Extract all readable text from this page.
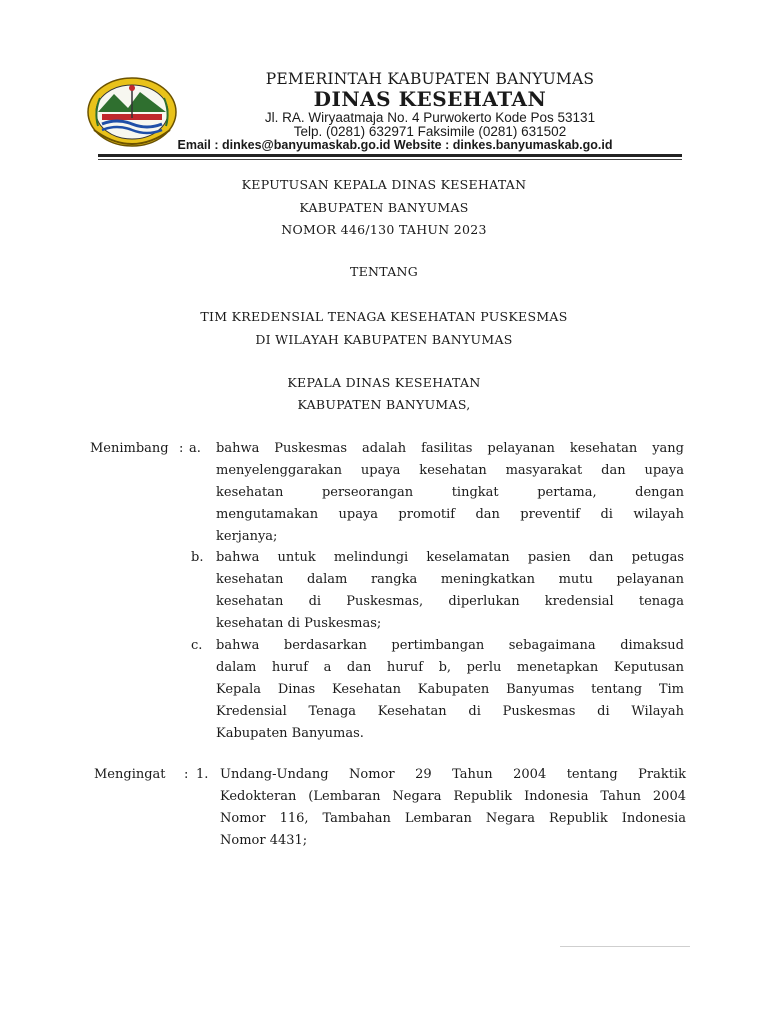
PEMERINTAH KABUPATEN BANYUMAS
DINAS KESEHATAN
Jl. RA. Wiryaatmaja No. 4 Purwokerto Kode Pos 53131
Telp. (0281) 632971 Faksimile (0281) 631502
Email : dinkes@banyumaskab.go.id Website : dinkes.banyumaskab.go.id
KEPUTUSAN KEPALA DINAS KESEHATAN
KABUPATEN BANYUMAS
NOMOR 446/130 TAHUN 2023
TENTANG
TIM KREDENSIAL TENAGA KESEHATAN PUSKESMAS
DI WILAYAH KABUPATEN BANYUMAS
KEPALA DINAS KESEHATAN
KABUPATEN BANYUMAS,
Menimbang : a. bahwa Puskesmas adalah fasilitas pelayanan kesehatan yang
menyelenggarakan upaya kesehatan masyarakat dan upaya
kesehatan perseorangan tingkat pertama, dengan
mengutamakan upaya promotif dan preventif di wilayah
kerjanya;
b. bahwa untuk melindungi keselamatan pasien dan petugas
kesehatan dalam rangka meningkatkan mutu pelayanan
kesehatan di Puskesmas, diperlukan kredensial tenaga
kesehatan di Puskesmas;
c. bahwa berdasarkan pertimbangan sebagaimana dimaksud
dalam huruf a dan huruf b, perlu menetapkan Keputusan
Kepala Dinas Kesehatan Kabupaten Banyumas tentang Tim
Kredensial Tenaga Kesehatan di Puskesmas di Wilayah
Kabupaten Banyumas.
Mengingat : 1. Undang-Undang Nomor 29 Tahun 2004 tentang Praktik
Kedokteran (Lembaran Negara Republik Indonesia Tahun 2004
Nomor 116, Tambahan Lembaran Negara Republik Indonesia
Nomor 4431;
